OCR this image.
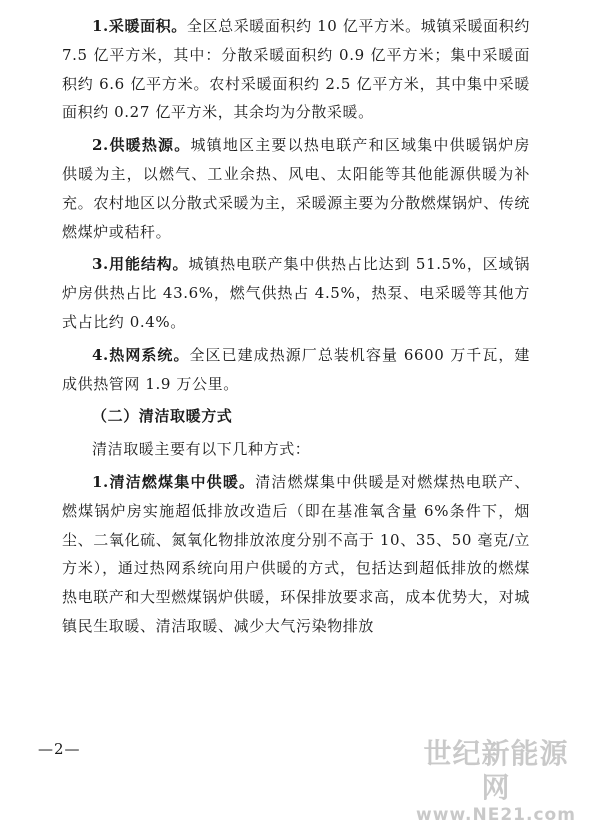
1.采暖面积。全区总采暖面积约 10 亿平方米。城镇采暖面积约 7.5 亿平方米，其中：分散采暖面积约 0.9 亿平方米；集中采暖面积约 6.6 亿平方米。农村采暖面积约 2.5 亿平方米，其中集中采暖面积约 0.27 亿平方米，其余均为分散采暖。

2.供暖热源。城镇地区主要以热电联产和区域集中供暖锅炉房供暖为主，以燃气、工业余热、风电、太阳能等其他能源供暖为补充。农村地区以分散式采暖为主，采暖源主要为分散燃煤锅炉、传统燃煤炉或秸秆。

3.用能结构。城镇热电联产集中供热占比达到 51.5%，区域锅炉房供热占比 43.6%，燃气供热占 4.5%，热泵、电采暖等其他方式占比约 0.4%。

4.热网系统。全区已建成热源厂总装机容量 6600 万千瓦，建成供热管网 1.9 万公里。

（二）清洁取暖方式

清洁取暖主要有以下几种方式：

1.清洁燃煤集中供暖。清洁燃煤集中供暖是对燃煤热电联产、燃煤锅炉房实施超低排放改造后（即在基准氧含量 6%条件下，烟尘、二氧化硫、氮氧化物排放浓度分别不高于 10、35、50 毫克/立方米），通过热网系统向用户供暖的方式，包括达到超低排放的燃煤热电联产和大型燃煤锅炉供暖，环保排放要求高，成本优势大，对城镇民生取暖、清洁取暖、减少大气污染物排放

—2—	世纪新能源网
www.NE21.com
